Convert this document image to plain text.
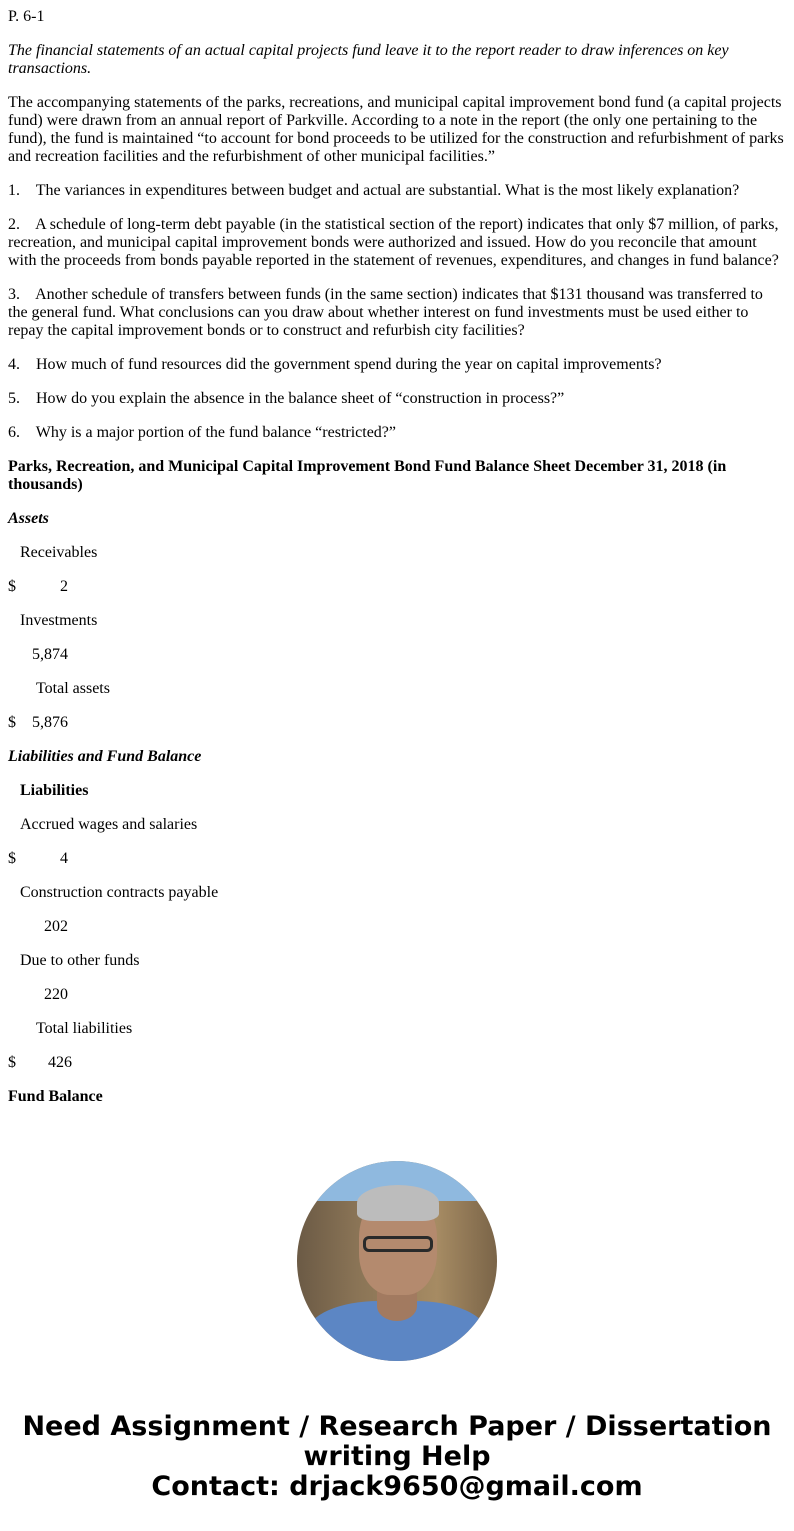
P. 6-1

The financial statements of an actual capital projects fund leave it to the report reader to draw inferences on key transactions.

The accompanying statements of the parks, recreations, and municipal capital improvement bond fund (a capital projects fund) were drawn from an annual report of Parkville. According to a note in the report (the only one pertaining to the fund), the fund is maintained “to account for bond proceeds to be utilized for the construction and refurbishment of parks and recreation facilities and the refurbishment of other municipal facilities.”

1.    The variances in expenditures between budget and actual are substantial. What is the most likely explanation?

2.    A schedule of long-term debt payable (in the statistical section of the report) indicates that only $7 million, of parks, recreation, and municipal capital improvement bonds were authorized and issued. How do you reconcile that amount with the proceeds from bonds payable reported in the statement of revenues, expenditures, and changes in fund balance?

3.    Another schedule of transfers between funds (in the same section) indicates that $131 thousand was transferred to the general fund. What conclusions can you draw about whether interest on fund investments must be used either to repay the capital improvement bonds or to construct and refurbish city facilities?

4.    How much of fund resources did the government spend during the year on capital improvements?

5.    How do you explain the absence in the balance sheet of “construction in process?”

6.    Why is a major portion of the fund balance “restricted?”

Parks, Recreation, and Municipal Capital Improvement Bond Fund Balance Sheet December 31, 2018 (in thousands)

Assets

Receivables

$           2

Investments

5,874

Total assets

$    5,876

Liabilities and Fund Balance

Liabilities

Accrued wages and salaries

$           4

Construction contracts payable

202

Due to other funds

220

Total liabilities

$        426

Fund Balance

Need Assignment / Research Paper / Dissertation writing Help
Contact: drjack9650@gmail.com
